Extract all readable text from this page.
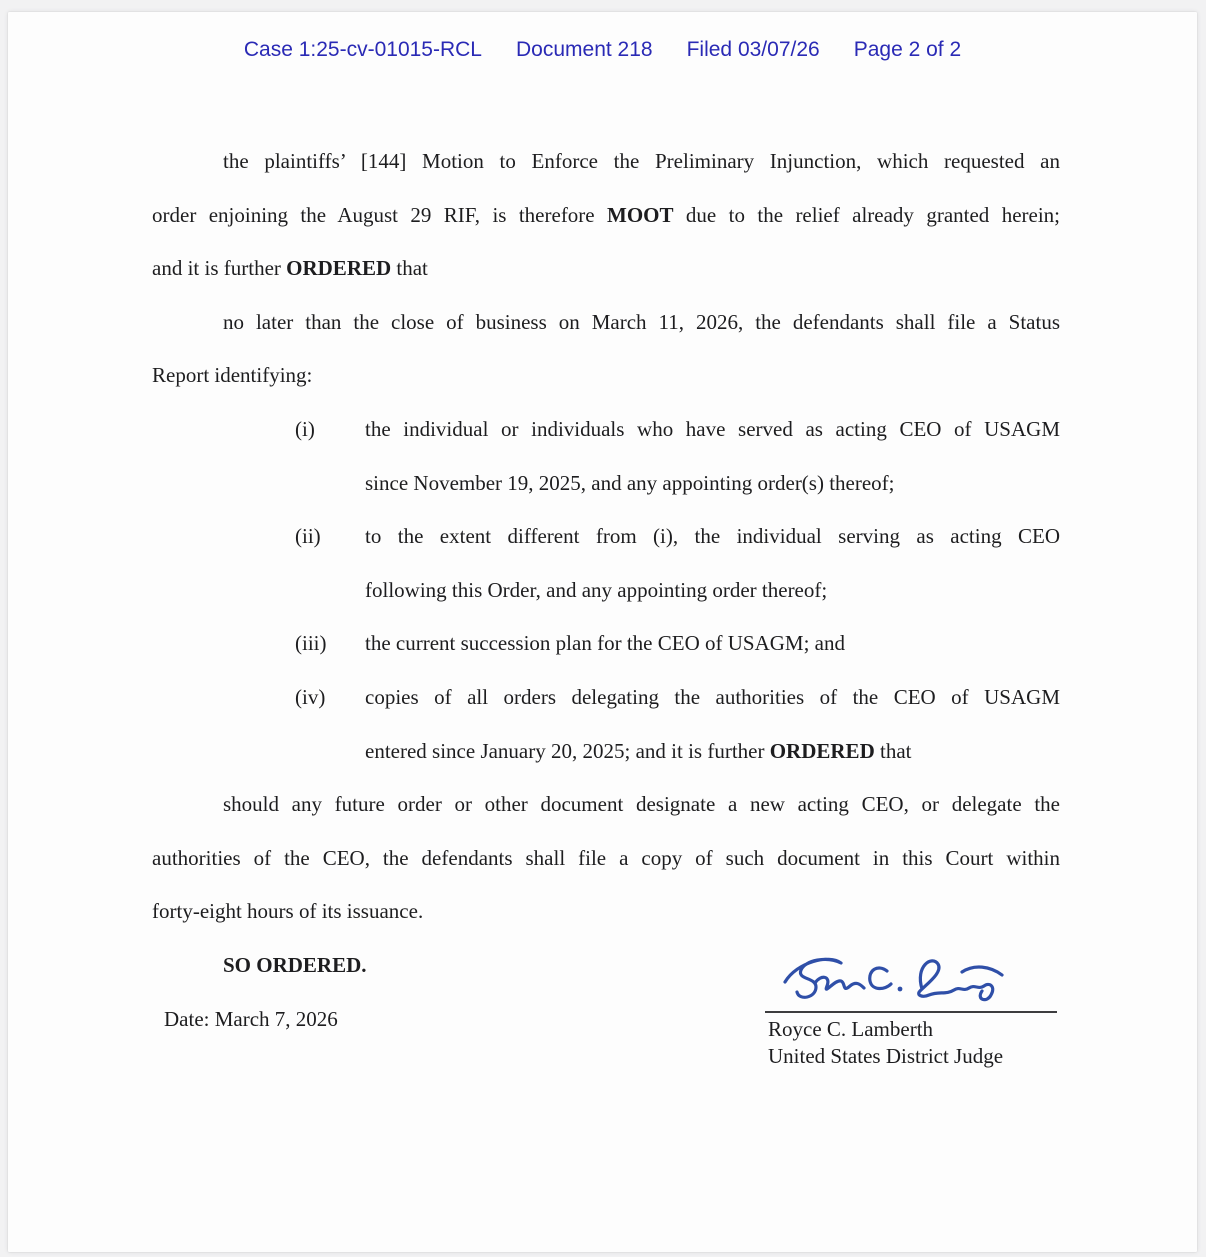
Case 1:25-cv-01015-RCL Document 218 Filed 03/07/26 Page 2 of 2
the plaintiffs’ [144] Motion to Enforce the Preliminary Injunction, which requested an
order enjoining the August 29 RIF, is therefore MOOT due to the relief already granted herein;
and it is further ORDERED that
no later than the close of business on March 11, 2026, the defendants shall file a Status
Report identifying:
(i) the individual or individuals who have served as acting CEO of USAGM
since November 19, 2025, and any appointing order(s) thereof;
(ii) to the extent different from (i), the individual serving as acting CEO
following this Order, and any appointing order thereof;
(iii) the current succession plan for the CEO of USAGM; and
(iv) copies of all orders delegating the authorities of the CEO of USAGM
entered since January 20, 2025; and it is further ORDERED that
should any future order or other document designate a new acting CEO, or delegate the
authorities of the CEO, the defendants shall file a copy of such document in this Court within
forty-eight hours of its issuance.
SO ORDERED.
Date: March 7, 2026	Royce C. Lamberth
United States District Judge
